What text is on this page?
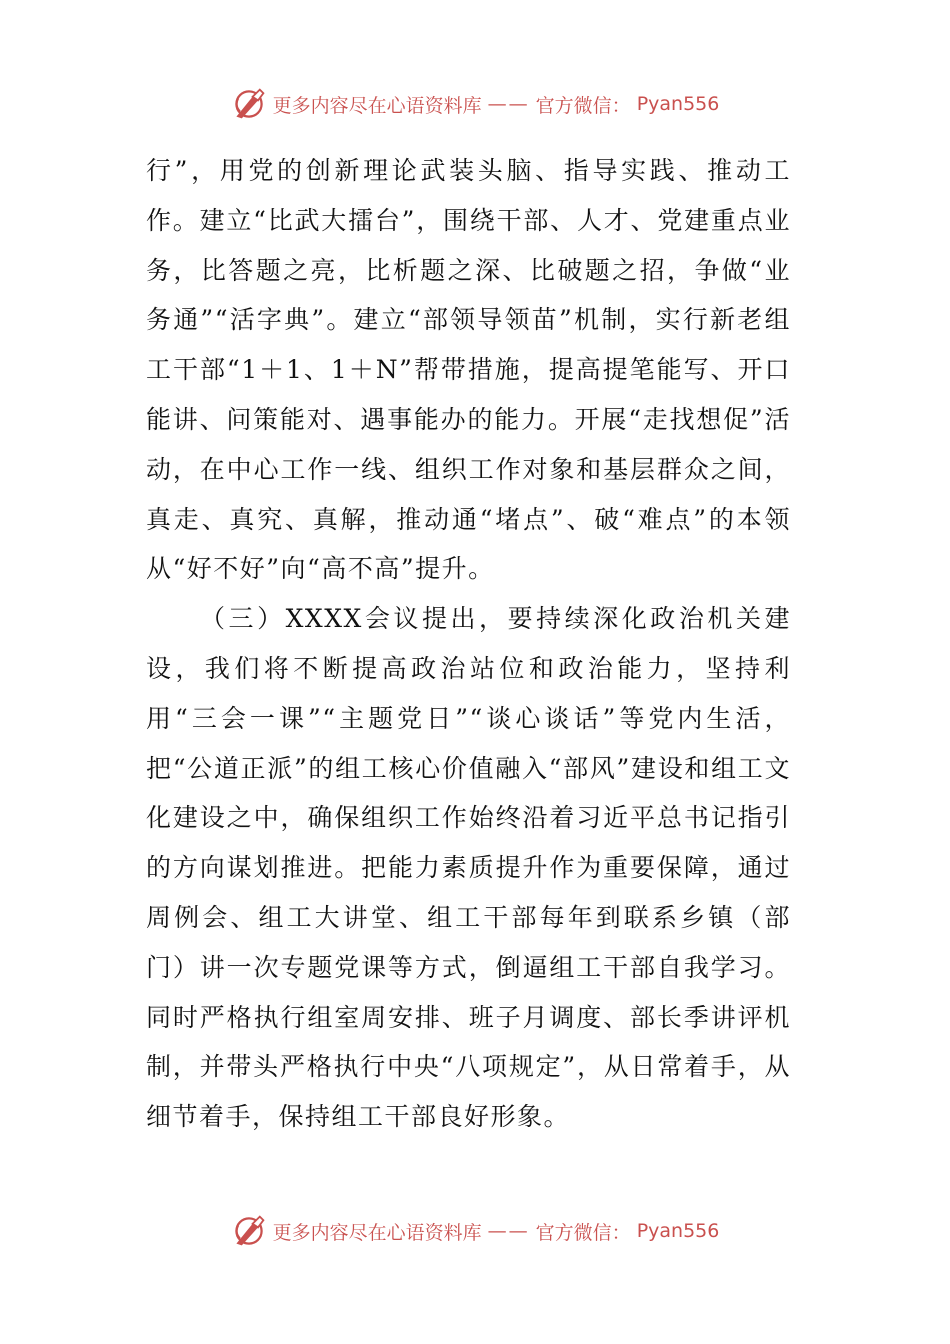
更多内容尽在心语资料库 —— 官方微信： Pyan556

行”，用党的创新理论武装头脑、指导实践、推动工作。建立“比武大擂台”，围绕干部、人才、党建重点业务，比答题之亮，比析题之深、比破题之招，争做“业务通”“活字典”。建立“部领导领苗”机制，实行新老组工干部“1＋1、1＋N”帮带措施，提高提笔能写、开口能讲、问策能对、遇事能办的能力。开展“走找想促”活动，在中心工作一线、组织工作对象和基层群众之间，真走、真究、真解，推动通“堵点”、破“难点”的本领从“好不好”向“高不高”提升。

（三）XXXX会议提出，要持续深化政治机关建设，我们将不断提高政治站位和政治能力，坚持利用“三会一课”“主题党日”“谈心谈话”等党内生活，把“公道正派”的组工核心价值融入“部风”建设和组工文化建设之中，确保组织工作始终沿着习近平总书记指引的方向谋划推进。把能力素质提升作为重要保障，通过周例会、组工大讲堂、组工干部每年到联系乡镇（部门）讲一次专题党课等方式，倒逼组工干部自我学习。同时严格执行组室周安排、班子月调度、部长季讲评机制，并带头严格执行中央“八项规定”，从日常着手，从细节着手，保持组工干部良好形象。

更多内容尽在心语资料库 —— 官方微信： Pyan556
